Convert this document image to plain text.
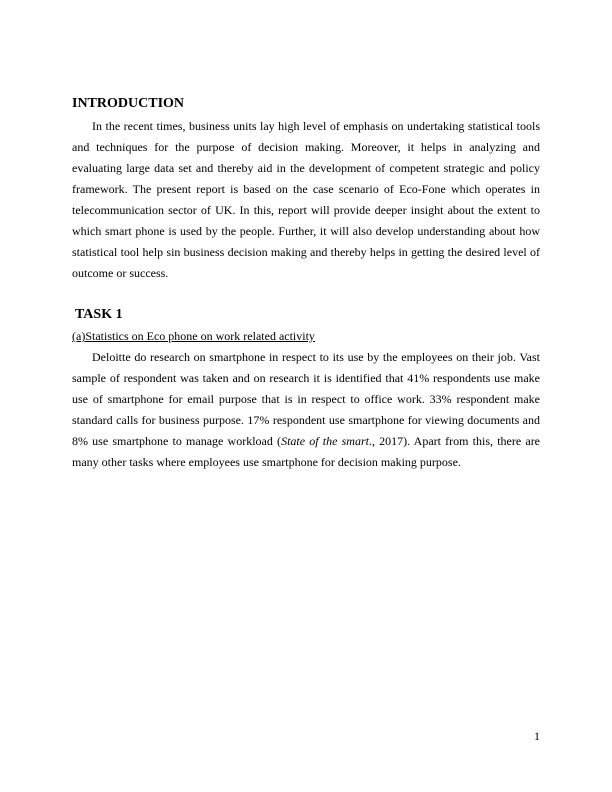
INTRODUCTION

In the recent times, business units lay high level of emphasis on undertaking statistical tools and techniques for the purpose of decision making. Moreover, it helps in analyzing and evaluating large data set and thereby aid in the development of competent strategic and policy framework. The present report is based on the case scenario of Eco-Fone which operates in telecommunication sector of UK. In this, report will provide deeper insight about the extent to which smart phone is used by the people. Further, it will also develop understanding about how statistical tool help sin business decision making and thereby helps in getting the desired level of outcome or success.

TASK 1

(a)Statistics on Eco phone on work related activity

Deloitte do research on smartphone in respect to its use by the employees on their job. Vast sample of respondent was taken and on research it is identified that 41% respondents use make use of smartphone for email purpose that is in respect to office work. 33% respondent make standard calls for business purpose. 17% respondent use smartphone for viewing documents and 8% use smartphone to manage workload (State of the smart., 2017). Apart from this, there are many other tasks where employees use smartphone for decision making purpose.

1
